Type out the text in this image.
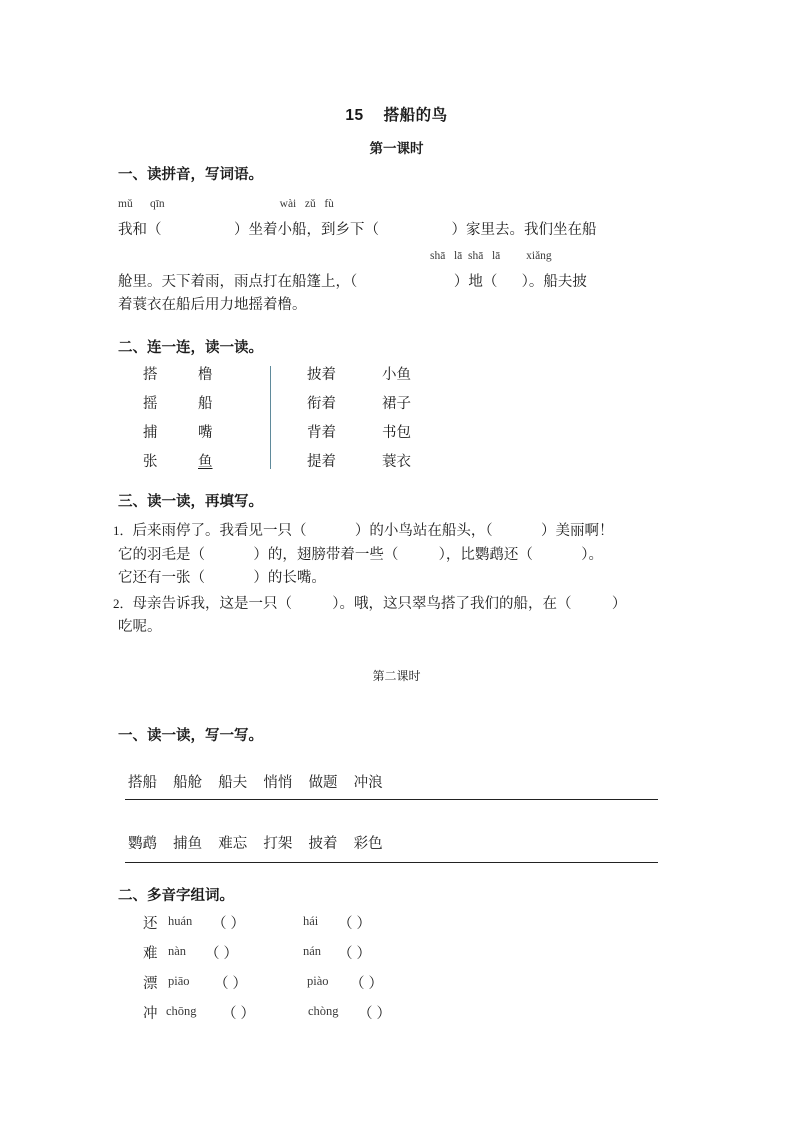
15 搭船的鸟
第一课时
一、读拼音，写词语。
mǔ      qīn                                        wài   zǔ   fù
我和（                  ）坐着小船，到乡下（                  ）家里去。我们坐在船
shā   lā  shā   lā         xiǎng
舱里。天下着雨，雨点打在船篷上，（                        ）地（      ）。船夫披
着蓑衣在船后用力地摇着橹。
二、连一连，读一读。
搭	橹	披着	小鱼
摇	船	衔着	裙子
捕	嘴	背着	书包
张	鱼	提着	蓑衣
三、读一读，再填写。
1．后来雨停了。我看见一只（            ）的小鸟站在船头，（            ）美丽啊！
它的羽毛是（            ）的，翅膀带着一些（          ），比鹦鹉还（            ）。
它还有一张（            ）的长嘴。
2．母亲告诉我，这是一只（          ）。哦，这只翠鸟搭了我们的船，在（          ）
吃呢。
第二课时
一、读一读，写一写。
搭船    船舱    船夫    悄悄    做题    冲浪
鹦鹉    捕鱼    难忘    打架    披着    彩色
二、多音字组词。
还 huán （ ）	hái （ ）
难 nàn （ ）	nán （ ）
漂 piāo （ ）	piào （ ）
冲 chōng （ ）	chòng （ ）
